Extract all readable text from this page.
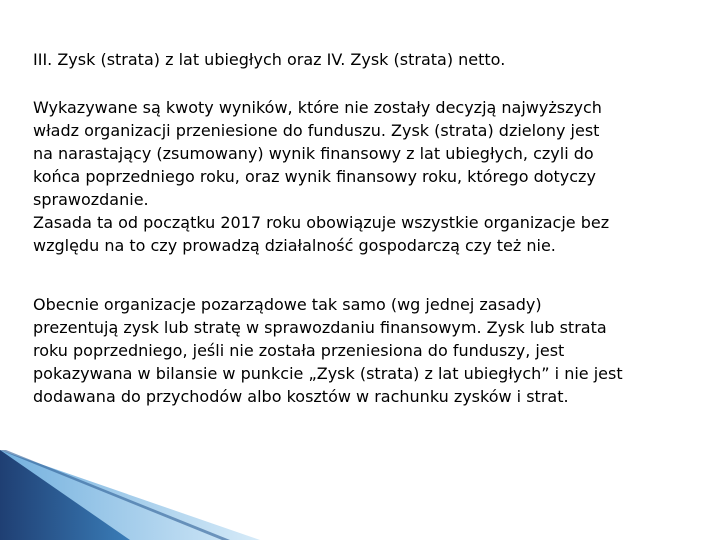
III. Zysk (strata) z lat ubiegłych oraz IV. Zysk (strata) netto.
Wykazywane są kwoty wyników, które nie zostały decyzją najwyższych
władz organizacji przeniesione do funduszu. Zysk (strata) dzielony jest
na narastający (zsumowany) wynik finansowy z lat ubiegłych, czyli do
końca poprzedniego roku, oraz wynik finansowy roku, którego dotyczy
sprawozdanie.
Zasada ta od początku 2017 roku obowiązuje wszystkie organizacje bez
względu na to czy prowadzą działalność gospodarczą czy też nie.
Obecnie organizacje pozarządowe tak samo (wg jednej zasady)
prezentują zysk lub stratę w sprawozdaniu finansowym. Zysk lub strata
roku poprzedniego, jeśli nie została przeniesiona do funduszy, jest
pokazywana w bilansie w punkcie „Zysk (strata) z lat ubiegłych” i nie jest
dodawana do przychodów albo kosztów w rachunku zysków i strat.
